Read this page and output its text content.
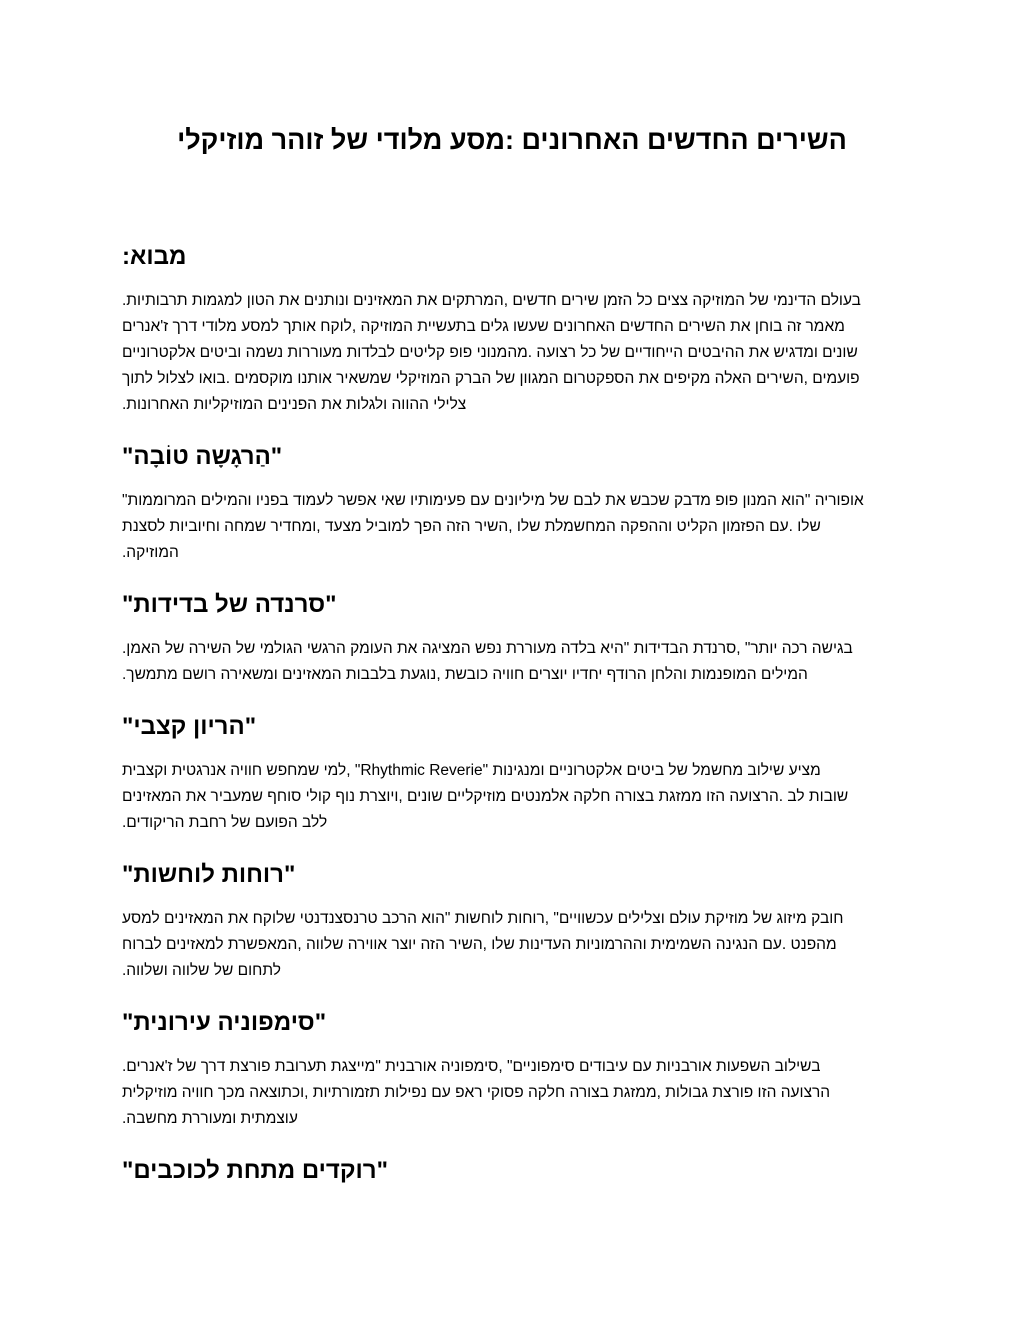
השירים החדשים האחרונים :מסע מלודי של זוהר מוזיקלי
מבוא:
בעולם הדינמי של המוזיקה צצים כל הזמן שירים חדשים ,המרתקים את המאזינים ונותנים את הטון למגמות תרבותיות.
מאמר זה בוחן את השירים החדשים האחרונים שעשו גלים בתעשיית המוזיקה ,לוקח אותך למסע מלודי דרך ז'אנרים
שונים ומדגיש את ההיבטים הייחודיים של כל רצועה .מהמנוני פופ קליטים לבלדות מעוררות נשמה וביטים אלקטרוניים
פועמים ,השירים האלה מקיפים את הספקטרום המגוון של הברק המוזיקלי שמשאיר אותנו מוקסמים .בואו לצלול לתוך
צלילי ההווה ולגלות את הפנינים המוזיקליות האחרונות.
"הַרגָשָה טוֹבָה"
אופוריה "הוא המנון פופ מדבק שכבש את לבם של מיליונים עם פעימותיו שאי אפשר לעמוד בפניו והמילים המרוממות"
שלו .עם הפזמון הקליט וההפקה המחשמלת שלו ,השיר הזה הפך למוביל מצעד ,ומחדיר שמחה וחיוביות לסצנת
המוזיקה.
"סרנדה של בדידות"
בגישה רכה יותר" ,סרנדת הבדידות "היא בלדה מעוררת נפש המציגה את העומק הרגשי הגולמי של השירה של האמן.
המילים המופנמות והלחן הרודף יחדיו יוצרים חוויה כובשת ,נוגעת בלבבות המאזינים ומשאירה רושם מתמשך.
"הריון קצבי"
מציע שילוב מחשמל של ביטים אלקטרוניים ומנגינות "Rhythmic Reverie" ,למי שמחפש חוויה אנרגטית וקצבית
שובות לב .הרצועה הזו ממזגת בצורה חלקה אלמנטים מוזיקליים שונים ,ויוצרת נוף קולי סוחף שמעביר את המאזינים
ללב הפועם של רחבת הריקודים.
"רוחות לוחשות"
חובק מיזוג של מוזיקת עולם וצלילים עכשוויים" ,רוחות לוחשות "הוא הרכב טרנסצנדנטי שלוקח את המאזינים למסע
מהפנט .עם הנגינה השמימית וההרמוניות העדינות שלו ,השיר הזה יוצר אווירה שלווה ,המאפשרת למאזינים לברוח
לתחום של שלווה ושלווה.
"סימפוניה עירונית"
בשילוב השפעות אורבניות עם עיבודים סימפוניים" ,סימפוניה אורבנית "מייצגת תערובת פורצת דרך של ז'אנרים.
הרצועה הזו פורצת גבולות ,ממזגת בצורה חלקה פסוקי ראפ עם נפילות תזמורתיות ,וכתוצאה מכך חוויה מוזיקלית
עוצמתית ומעוררת מחשבה.
"רוקדים מתחת לכוכבים"
